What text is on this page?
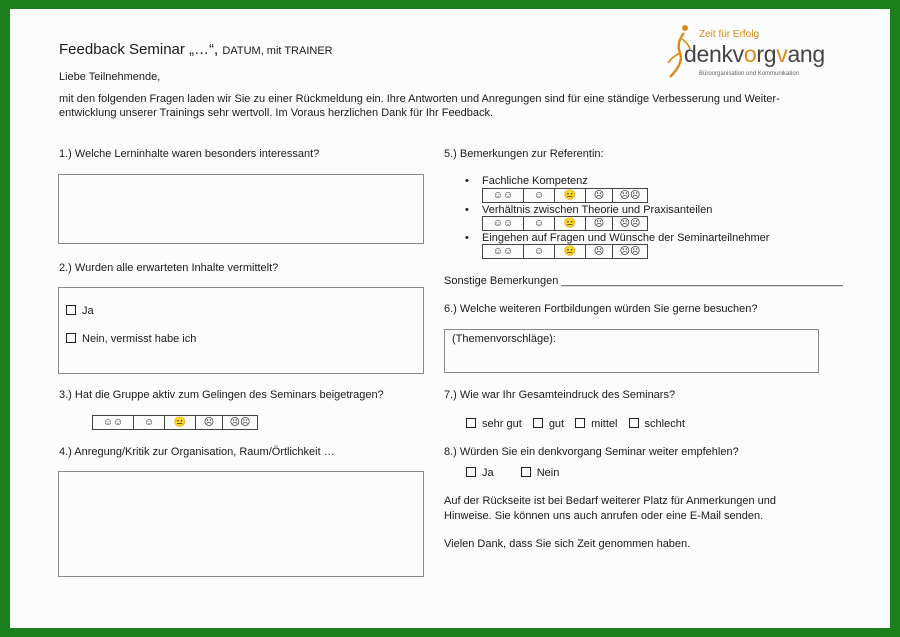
Feedback Seminar „…“, DATUM, mit TRAINER
Zeit für Erfolg
denkvorgvang
Büroorganisation und Kommunikation
Liebe Teilnehmende,
mit den folgenden Fragen laden wir Sie zu einer Rückmeldung ein. Ihre Antworten und Anregungen sind für eine ständige Verbesserung und Weiter-
entwicklung unserer Trainings sehr wertvoll. Im Voraus herzlichen Dank für Ihr Feedback.
1.) Welche Lerninhalte waren besonders interessant?
2.) Wurden alle erwarteten Inhalte vermittelt?
Ja
Nein, vermisst habe ich
3.) Hat die Gruppe aktiv zum Gelingen des Seminars beigetragen?
☺☺	☺	😐	☹	☹☹
4.) Anregung/Kritik zur Organisation, Raum/Örtlichkeit …
5.) Bemerkungen zur Referentin:
• Fachliche Kompetenz
☺☺	☺	😐	☹	☹☹
• Verhältnis zwischen Theorie und Praxisanteilen
☺☺	☺	😐	☹	☹☹
• Eingehen auf Fragen und Wünsche der Seminarteilnehmer
☺☺	☺	😐	☹	☹☹
Sonstige Bemerkungen ______________________________________________
6.) Welche weiteren Fortbildungen würden Sie gerne besuchen?
(Themenvorschläge):
7.) Wie war Ihr Gesamteindruck des Seminars?
sehr gut gut mittel schlecht
8.) Würden Sie ein denkvorgang Seminar weiter empfehlen?
Ja	Nein
Auf der Rückseite ist bei Bedarf weiterer Platz für Anmerkungen und
Hinweise. Sie können uns auch anrufen oder eine E-Mail senden.
Vielen Dank, dass Sie sich Zeit genommen haben.
